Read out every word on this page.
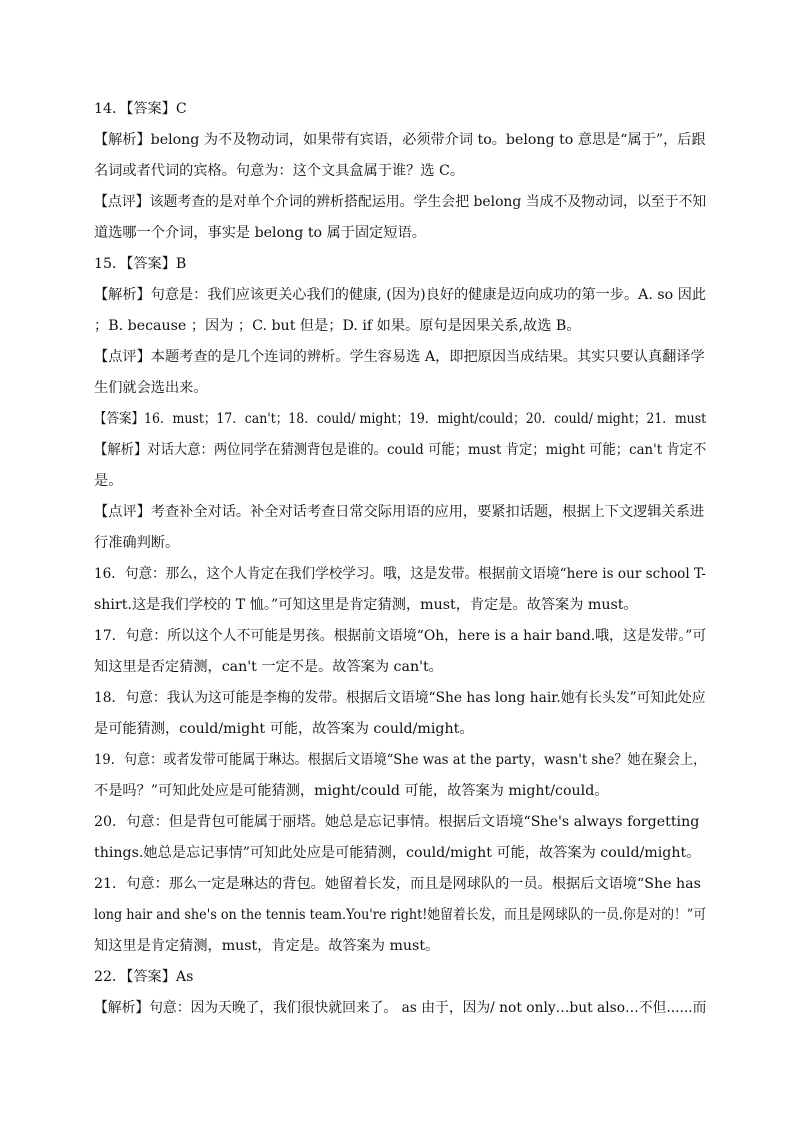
14．【答案】C
【解析】belong 为不及物动词，如果带有宾语，必须带介词 to。belong to 意思是“属于”，后跟
名词或者代词的宾格。句意为：这个文具盒属于谁？选 C。
【点评】该题考查的是对单个介词的辨析搭配运用。学生会把 belong 当成不及物动词，以至于不知
道选哪一个介词，事实是 belong to 属于固定短语。
15．【答案】B
【解析】句意是：我们应该更关心我们的健康, (因为)良好的健康是迈向成功的第一步。A. so 因此
；B. because ；因为 ；C. but 但是；D. if 如果。原句是因果关系,故选 B。
【点评】本题考查的是几个连词的辨析。学生容易选 A，即把原因当成结果。其实只要认真翻译学
生们就会选出来。
【答案】16．must；17．can't；18．could/ might；19．might/could；20．could/ might；21．must
【解析】对话大意：两位同学在猜测背包是谁的。could 可能；must 肯定；might 可能；can't 肯定不
是。
【点评】考查补全对话。补全对话考查日常交际用语的应用，要紧扣话题，根据上下文逻辑关系进
行准确判断。
16．句意：那么，这个人肯定在我们学校学习。哦，这是发带。根据前文语境“here is our school T-
shirt.这是我们学校的 T 恤。”可知这里是肯定猜测，must，肯定是。故答案为 must。
17．句意：所以这个人不可能是男孩。根据前文语境“Oh，here is a hair band.哦，这是发带。”可
知这里是否定猜测，can't 一定不是。故答案为 can't。
18．句意：我认为这可能是李梅的发带。根据后文语境“She has long hair.她有长头发”可知此处应
是可能猜测，could/might 可能，故答案为 could/might。
19．句意：或者发带可能属于琳达。根据后文语境“She was at the party，wasn't she？她在聚会上，
不是吗？”可知此处应是可能猜测，might/could 可能，故答案为 might/could。
20．句意：但是背包可能属于丽塔。她总是忘记事情。根据后文语境“She's always forgetting
things.她总是忘记事情”可知此处应是可能猜测，could/might 可能，故答案为 could/might。
21．句意：那么一定是琳达的背包。她留着长发，而且是网球队的一员。根据后文语境“She has
long hair and she's on the tennis team.You're right!她留着长发，而且是网球队的一员.你是对的！”可
知这里是肯定猜测，must，肯定是。故答案为 must。
22．【答案】As
【解析】句意：因为天晚了，我们很快就回来了。 as 由于，因为/ not only…but also…不但......而
